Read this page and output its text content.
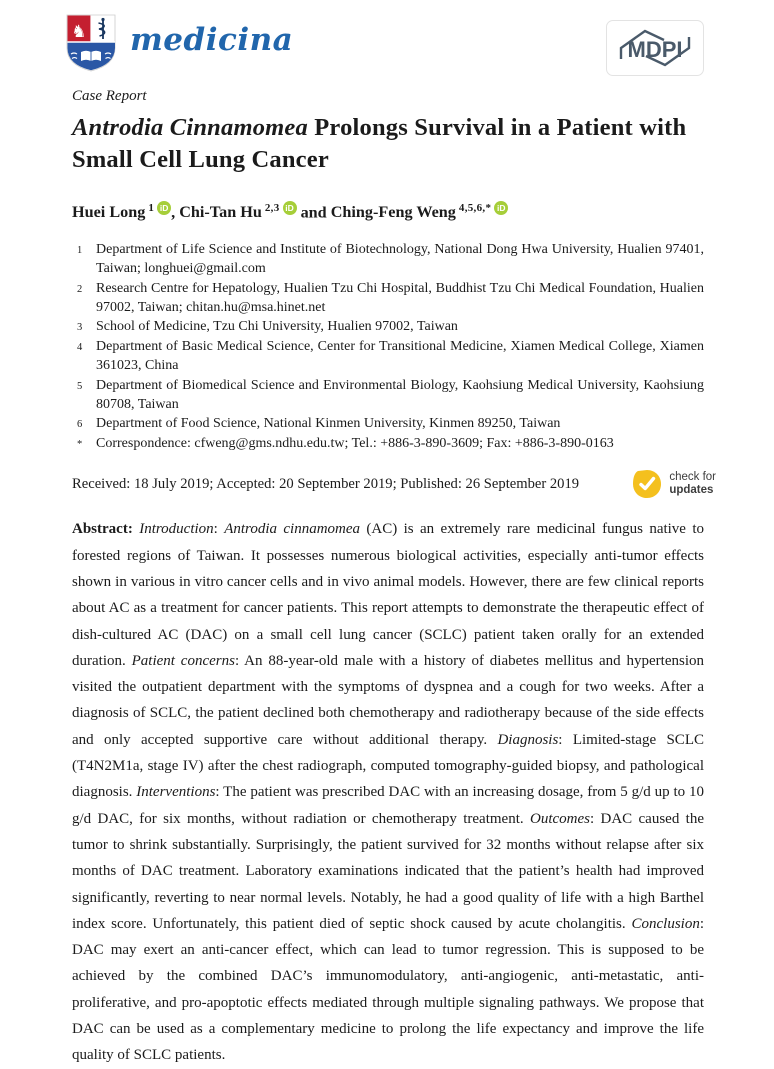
♞ medicina	MDPI

Case Report

Antrodia Cinnamomea Prolongs Survival in a Patient with Small Cell Lung Cancer

Huei Long $^1$ iD , Chi-Tan Hu $^{2,3}$ iD and Ching-Feng Weng $^{4,5,6,*}$ iD

1 Department of Life Science and Institute of Biotechnology, National Dong Hwa University, Hualien 97401, Taiwan; longhuei@gmail.com
2 Research Centre for Hepatology, Hualien Tzu Chi Hospital, Buddhist Tzu Chi Medical Foundation, Hualien 97002, Taiwan; chitan.hu@msa.hinet.net
3 School of Medicine, Tzu Chi University, Hualien 97002, Taiwan
4 Department of Basic Medical Science, Center for Transitional Medicine, Xiamen Medical College, Xiamen 361023, China
5 Department of Biomedical Science and Environmental Biology, Kaohsiung Medical University, Kaohsiung 80708, Taiwan
6 Department of Food Science, National Kinmen University, Kinmen 89250, Taiwan
* Correspondence: cfweng@gms.ndhu.edu.tw; Tel.: +886-3-890-3609; Fax: +886-3-890-0163
Received: 18 July 2019; Accepted: 20 September 2019; Published: 26 September 2019	check for
updates

Abstract: Introduction: Antrodia cinnamomea (AC) is an extremely rare medicinal fungus native to forested regions of Taiwan. It possesses numerous biological activities, especially anti-tumor effects shown in various in vitro cancer cells and in vivo animal models. However, there are few clinical reports about AC as a treatment for cancer patients. This report attempts to demonstrate the therapeutic effect of dish-cultured AC (DAC) on a small cell lung cancer (SCLC) patient taken orally for an extended duration. Patient concerns: An 88-year-old male with a history of diabetes mellitus and hypertension visited the outpatient department with the symptoms of dyspnea and a cough for two weeks. After a diagnosis of SCLC, the patient declined both chemotherapy and radiotherapy because of the side effects and only accepted supportive care without additional therapy. Diagnosis: Limited-stage SCLC (T4N2M1a, stage IV) after the chest radiograph, computed tomography-guided biopsy, and pathological diagnosis. Interventions: The patient was prescribed DAC with an increasing dosage, from 5 g/d up to 10 g/d DAC, for six months, without radiation or chemotherapy treatment. Outcomes: DAC caused the tumor to shrink substantially. Surprisingly, the patient survived for 32 months without relapse after six months of DAC treatment. Laboratory examinations indicated that the patient’s health had improved significantly, reverting to near normal levels. Notably, he had a good quality of life with a high Barthel index score. Unfortunately, this patient died of septic shock caused by acute cholangitis. Conclusion: DAC may exert an anti-cancer effect, which can lead to tumor regression. This is supposed to be achieved by the combined DAC’s immunomodulatory, anti-angiogenic, anti-metastatic, anti-proliferative, and pro-apoptotic effects mediated through multiple signaling pathways. We propose that DAC can be used as a complementary medicine to prolong the life expectancy and improve the life quality of SCLC patients.
